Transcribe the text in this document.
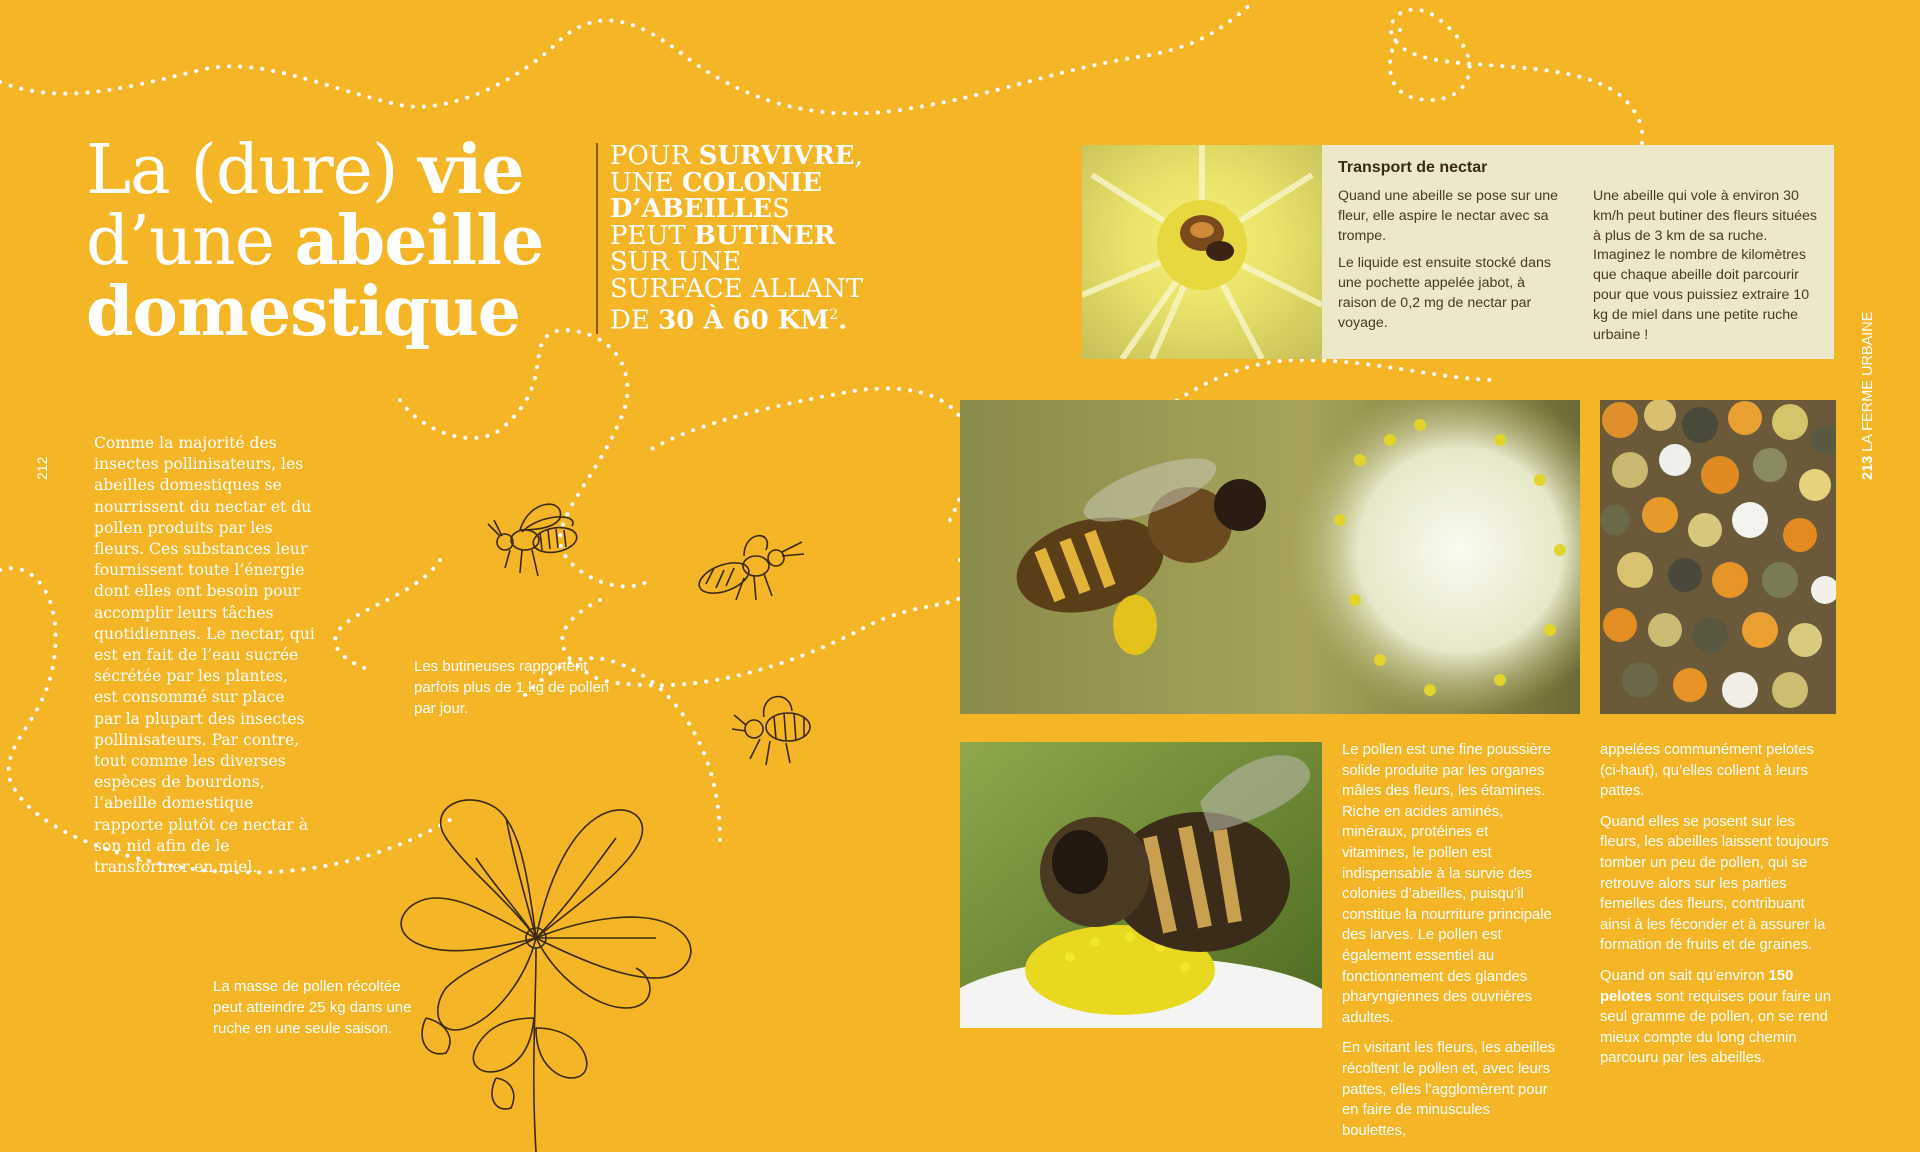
La (dure) vie
d’une abeille
domestique
POUR SURVIVRE, UNE COLONIE D’ABEILLES PEUT BUTINER SUR UNE SURFACE ALLANT DE 30 À 60 $KM^2$.
212	213 LA FERME URBAINE
Comme la majorité des insectes pollinisateurs, les abeilles domestiques se nourrissent du nectar et du pollen produits par les fleurs. Ces substances leur fournissent toute l’énergie dont elles ont besoin pour accomplir leurs tâches quotidiennes. Le nectar, qui est en fait de l’eau sucrée sécrétée par les plantes, est consommé sur place par la plupart des insectes pollinisateurs. Par contre, tout comme les diverses espèces de bourdons, l’abeille domestique rapporte plutôt ce nectar à son nid afin de le transformer en miel.
Les butineuses rapportent parfois plus de 1 kg de pollen par jour.
La masse de pollen récoltée peut atteindre 25 kg dans une ruche en une seule saison.
Transport de nectar

Quand une abeille se pose sur une fleur, elle aspire le nectar avec sa trompe.

Le liquide est ensuite stocké dans une pochette appelée jabot, à raison de 0,2 mg de nectar par voyage.

Une abeille qui vole à environ 30 km/h peut butiner des fleurs situées à plus de 3 km de sa ruche. Imaginez le nombre de kilomètres que chaque abeille doit parcourir pour que vous puissiez extraire 10 kg de miel dans une petite ruche urbaine !

Le pollen est une fine poussière solide produite par les organes mâles des fleurs, les étamines. Riche en acides aminés, minéraux, protéines et vitamines, le pollen est indispensable à la survie des colonies d’abeilles, puisqu’il constitue la nourriture principale des larves. Le pollen est également essentiel au fonctionnement des glandes pharyngiennes des ouvrières adultes.

En visitant les fleurs, les abeilles récoltent le pollen et, avec leurs pattes, elles l’agglomèrent pour en faire de minuscules boulettes,

appelées communément pelotes (ci-haut), qu’elles collent à leurs pattes.

Quand elles se posent sur les fleurs, les abeilles laissent toujours tomber un peu de pollen, qui se retrouve alors sur les parties femelles des fleurs, contribuant ainsi à les féconder et à assurer la formation de fruits et de graines.

Quand on sait qu’environ 150 pelotes sont requises pour faire un seul gramme de pollen, on se rend mieux compte du long chemin parcouru par les abeilles.
